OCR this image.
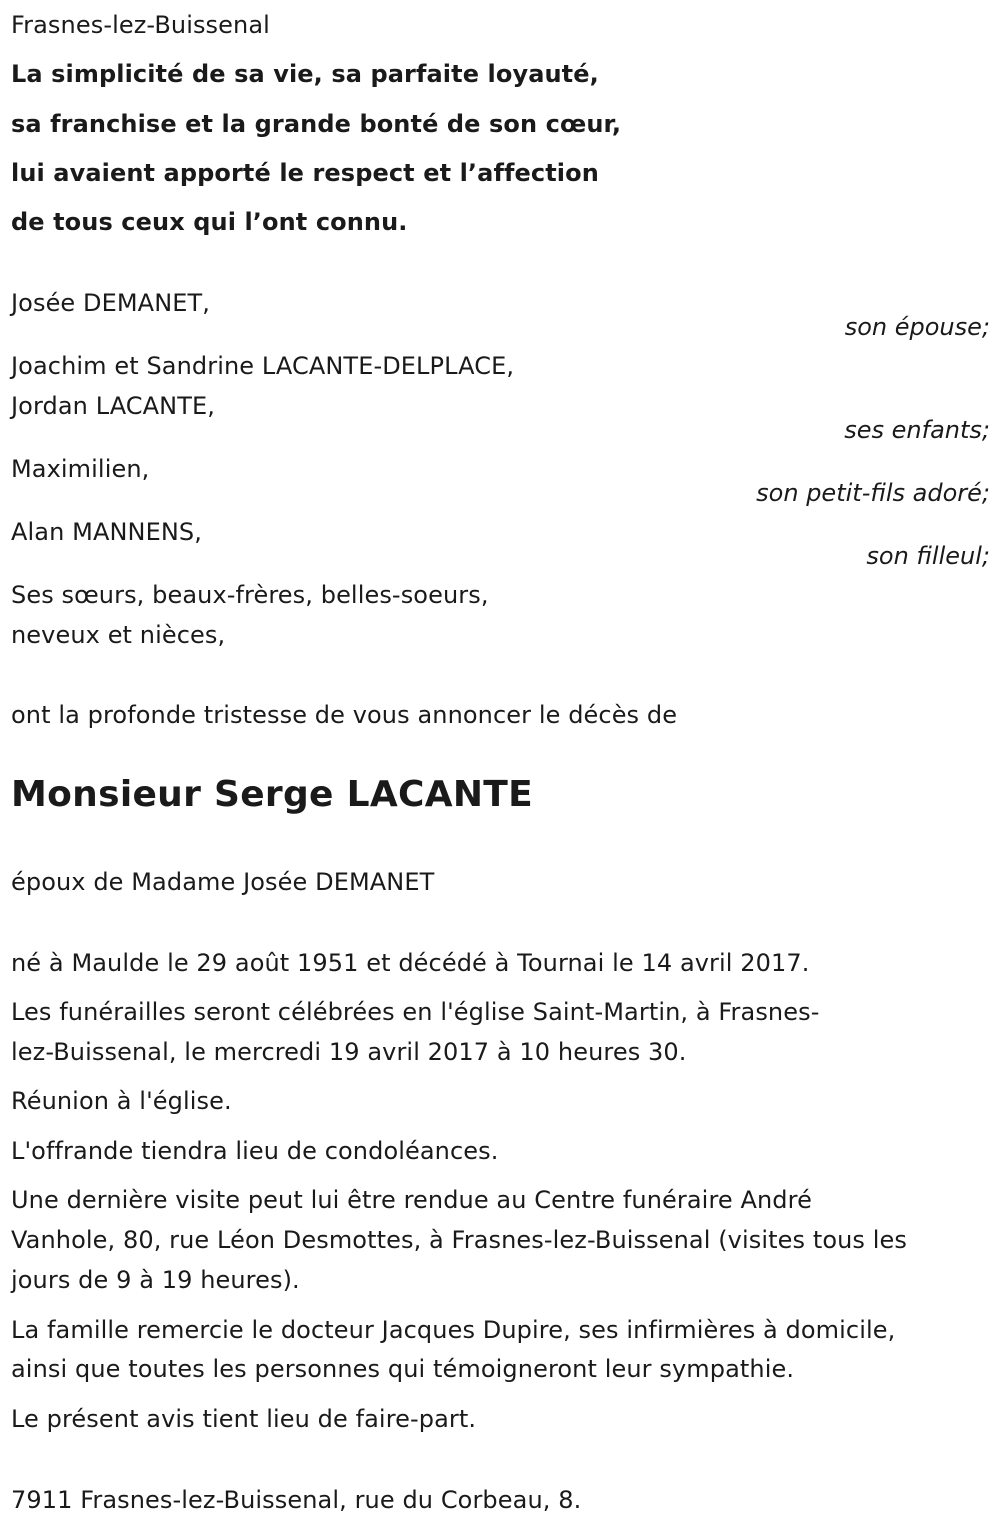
Frasnes-lez-Buissenal
La simplicité de sa vie, sa parfaite loyauté,
sa franchise et la grande bonté de son cœur,
lui avaient apporté le respect et l’affection
de tous ceux qui l’ont connu.
Josée DEMANET,
son épouse;
Joachim et Sandrine LACANTE-DELPLACE,
Jordan LACANTE,
ses enfants;
Maximilien,
son petit-fils adoré;
Alan MANNENS,
son filleul;
Ses sœurs, beaux-frères, belles-soeurs,
neveux et nièces,
ont la profonde tristesse de vous annoncer le décès de
Monsieur Serge LACANTE
époux de Madame Josée DEMANET
né à Maulde le 29 août 1951 et décédé à Tournai le 14 avril 2017.
Les funérailles seront célébrées en l'église Saint-Martin, à Frasnes-
lez-Buissenal, le mercredi 19 avril 2017 à 10 heures 30.
Réunion à l'église.
L'offrande tiendra lieu de condoléances.
Une dernière visite peut lui être rendue au Centre funéraire André
Vanhole, 80, rue Léon Desmottes, à Frasnes-lez-Buissenal (visites tous les
jours de 9 à 19 heures).
La famille remercie le docteur Jacques Dupire, ses infirmières à domicile,
ainsi que toutes les personnes qui témoigneront leur sympathie.
Le présent avis tient lieu de faire-part.
7911 Frasnes-lez-Buissenal, rue du Corbeau, 8.
